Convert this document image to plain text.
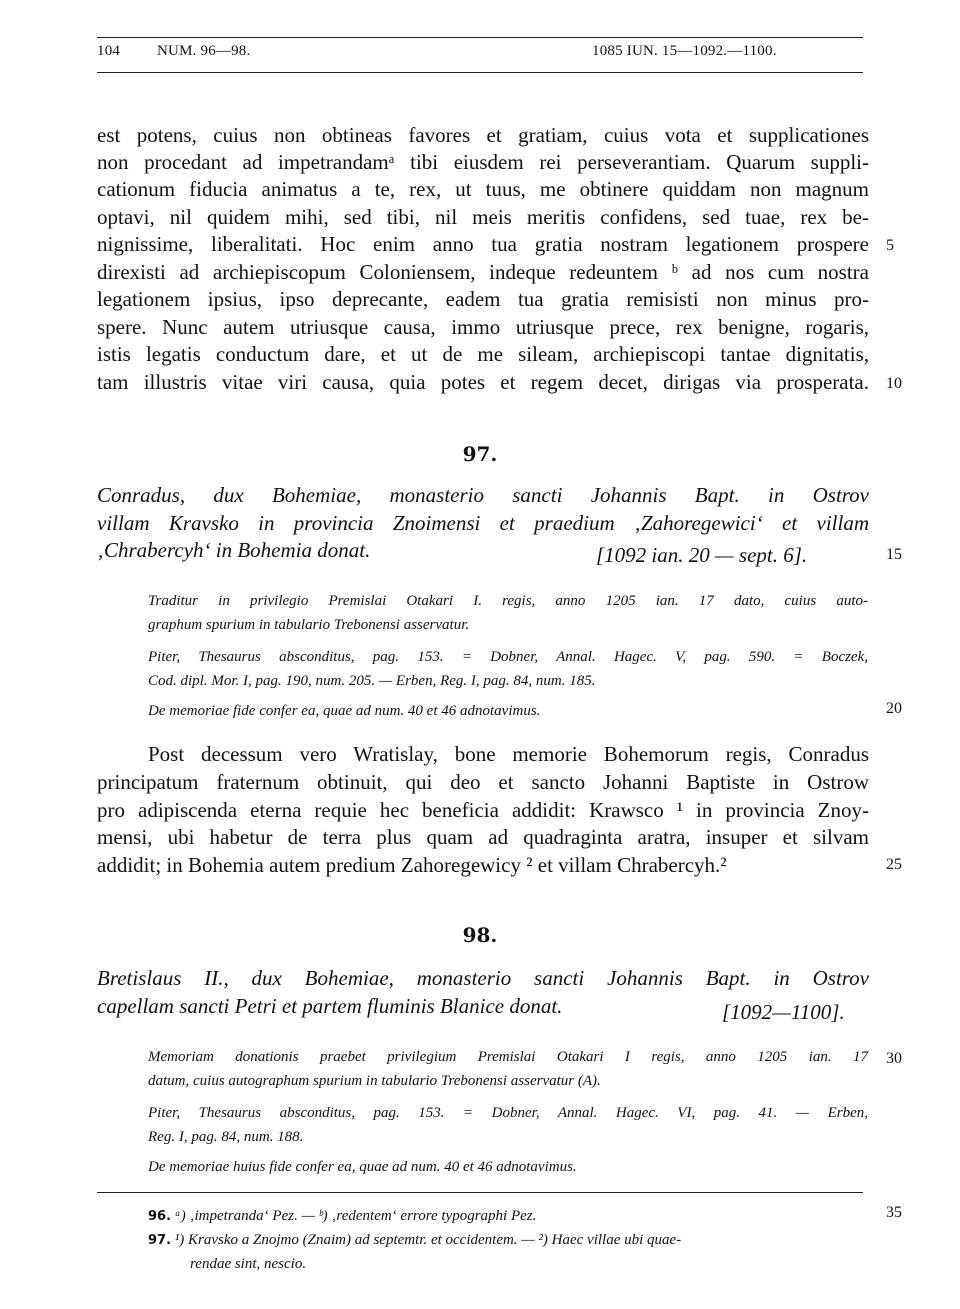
104 NUM. 96—98.	1085 IUN. 15—1092.—1100.
est potens, cuius non obtineas favores et gratiam, cuius vota et supplicationes
non procedant ad impetrandamᵃ tibi eiusdem rei perseverantiam. Quarum suppli-
cationum fiducia animatus a te, rex, ut tuus, me obtinere quiddam non magnum
optavi, nil quidem mihi, sed tibi, nil meis meritis confidens, sed tuae, rex be-
nignissime, liberalitati. Hoc enim anno tua gratia nostram legationem prospere
direxisti ad archiepiscopum Coloniensem, indeque redeuntem ᵇ ad nos cum nostra
legationem ipsius, ipso deprecante, eadem tua gratia remisisti non minus pro-
spere. Nunc autem utriusque causa, immo utriusque prece, rex benigne, rogaris,
istis legatis conductum dare, et ut de me sileam, archiepiscopi tantae dignitatis,
tam illustris vitae viri causa, quia potes et regem decet, dirigas via prosperata.
5
10
15
20
25
30
35
97.
Conradus, dux Bohemiae, monasterio sancti Johannis Bapt. in Ostrov
villam Kravsko in provincia Znoimensi et praedium ‚Zahoregewici‘ et villam
‚Chrabercyh‘ in Bohemia donat.	[1092 ian. 20 — sept. 6].
Traditur in privilegio Premislai Otakari I. regis, anno 1205 ian. 17 dato, cuius auto-
graphum spurium in tabulario Trebonensi asservatur.
Piter, Thesaurus absconditus, pag. 153. = Dobner, Annal. Hagec. V, pag. 590. = Boczek,
Cod. dipl. Mor. I, pag. 190, num. 205. — Erben, Reg. I, pag. 84, num. 185.
De memoriae fide confer ea, quae ad num. 40 et 46 adnotavimus.
Post decessum vero Wratislay, bone memorie Bohemorum regis, Conradus
principatum fraternum obtinuit, qui deo et sancto Johanni Baptiste in Ostrow
pro adipiscenda eterna requie hec beneficia addidit: Krawsco ¹ in provincia Znoy-
mensi, ubi habetur de terra plus quam ad quadraginta aratra, insuper et silvam
addidit; in Bohemia autem predium Zahoregewicy ² et villam Chrabercyh.²
98.
Bretislaus II., dux Bohemiae, monasterio sancti Johannis Bapt. in Ostrov
capellam sancti Petri et partem fluminis Blanice donat.	[1092—1100].
Memoriam donationis praebet privilegium Premislai Otakari I regis, anno 1205 ian. 17
datum, cuius autographum spurium in tabulario Trebonensi asservatur (A).
Piter, Thesaurus absconditus, pag. 153. = Dobner, Annal. Hagec. VI, pag. 41. — Erben,
Reg. I, pag. 84, num. 188.
De memoriae huius fide confer ea, quae ad num. 40 et 46 adnotavimus.
96. ᵃ) ‚impetranda‘ Pez. — ᵇ) ‚redentem‘ errore typographi Pez.
97. ¹) Kravsko a Znojmo (Znaim) ad septemtr. et occidentem. — ²) Haec villae ubi quae-
rendae sint, nescio.
